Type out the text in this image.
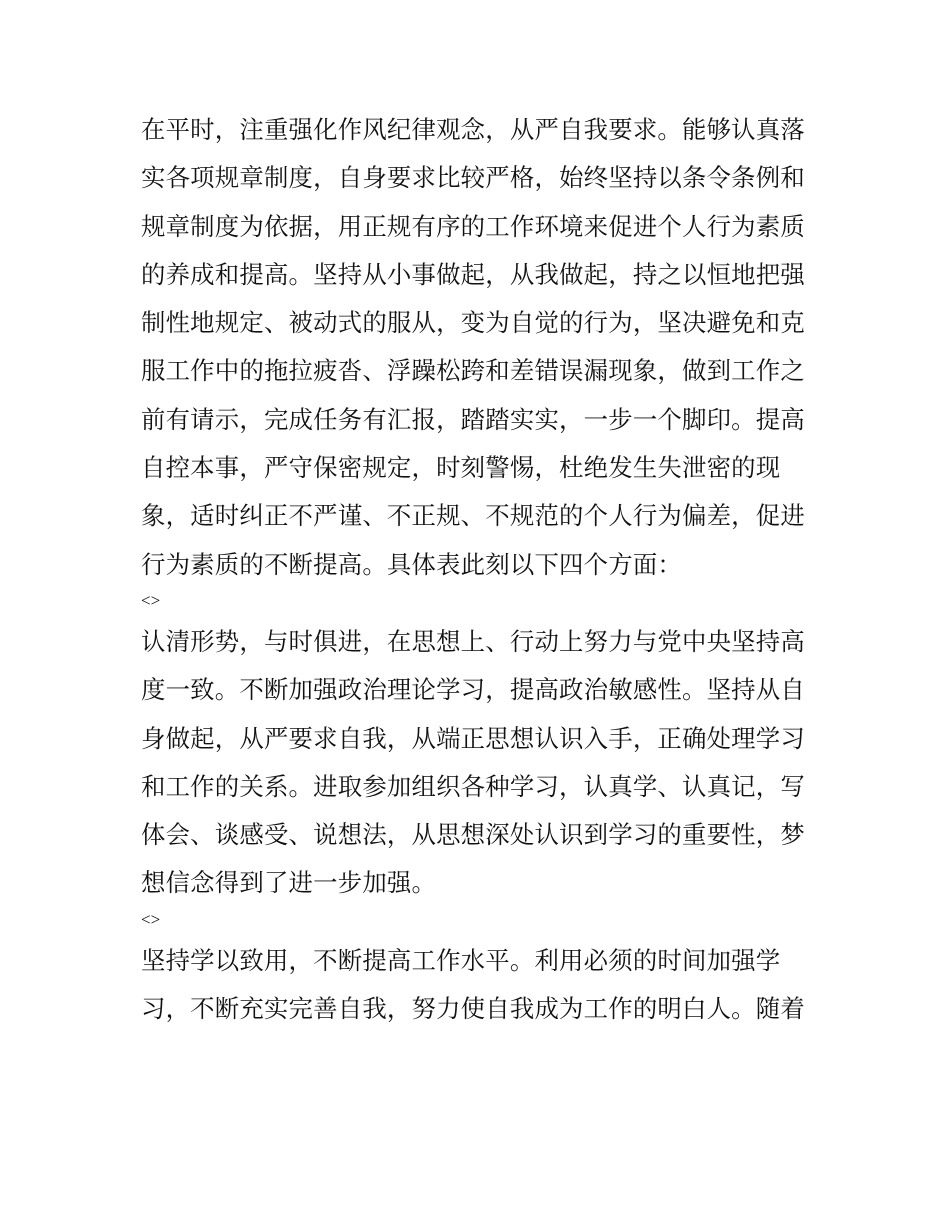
在平时，注重强化作风纪律观念，从严自我要求。能够认真落
实各项规章制度，自身要求比较严格，始终坚持以条令条例和
规章制度为依据，用正规有序的工作环境来促进个人行为素质
的养成和提高。坚持从小事做起，从我做起，持之以恒地把强
制性地规定、被动式的服从，变为自觉的行为，坚决避免和克
服工作中的拖拉疲沓、浮躁松跨和差错误漏现象，做到工作之
前有请示，完成任务有汇报，踏踏实实，一步一个脚印。提高
自控本事，严守保密规定，时刻警惕，杜绝发生失泄密的现
象，适时纠正不严谨、不正规、不规范的个人行为偏差，促进
行为素质的不断提高。具体表此刻以下四个方面：
<>
认清形势，与时俱进，在思想上、行动上努力与党中央坚持高
度一致。不断加强政治理论学习，提高政治敏感性。坚持从自
身做起，从严要求自我，从端正思想认识入手，正确处理学习
和工作的关系。进取参加组织各种学习，认真学、认真记，写
体会、谈感受、说想法，从思想深处认识到学习的重要性，梦
想信念得到了进一步加强。
<>
坚持学以致用，不断提高工作水平。利用必须的时间加强学
习，不断充实完善自我，努力使自我成为工作的明白人。随着
